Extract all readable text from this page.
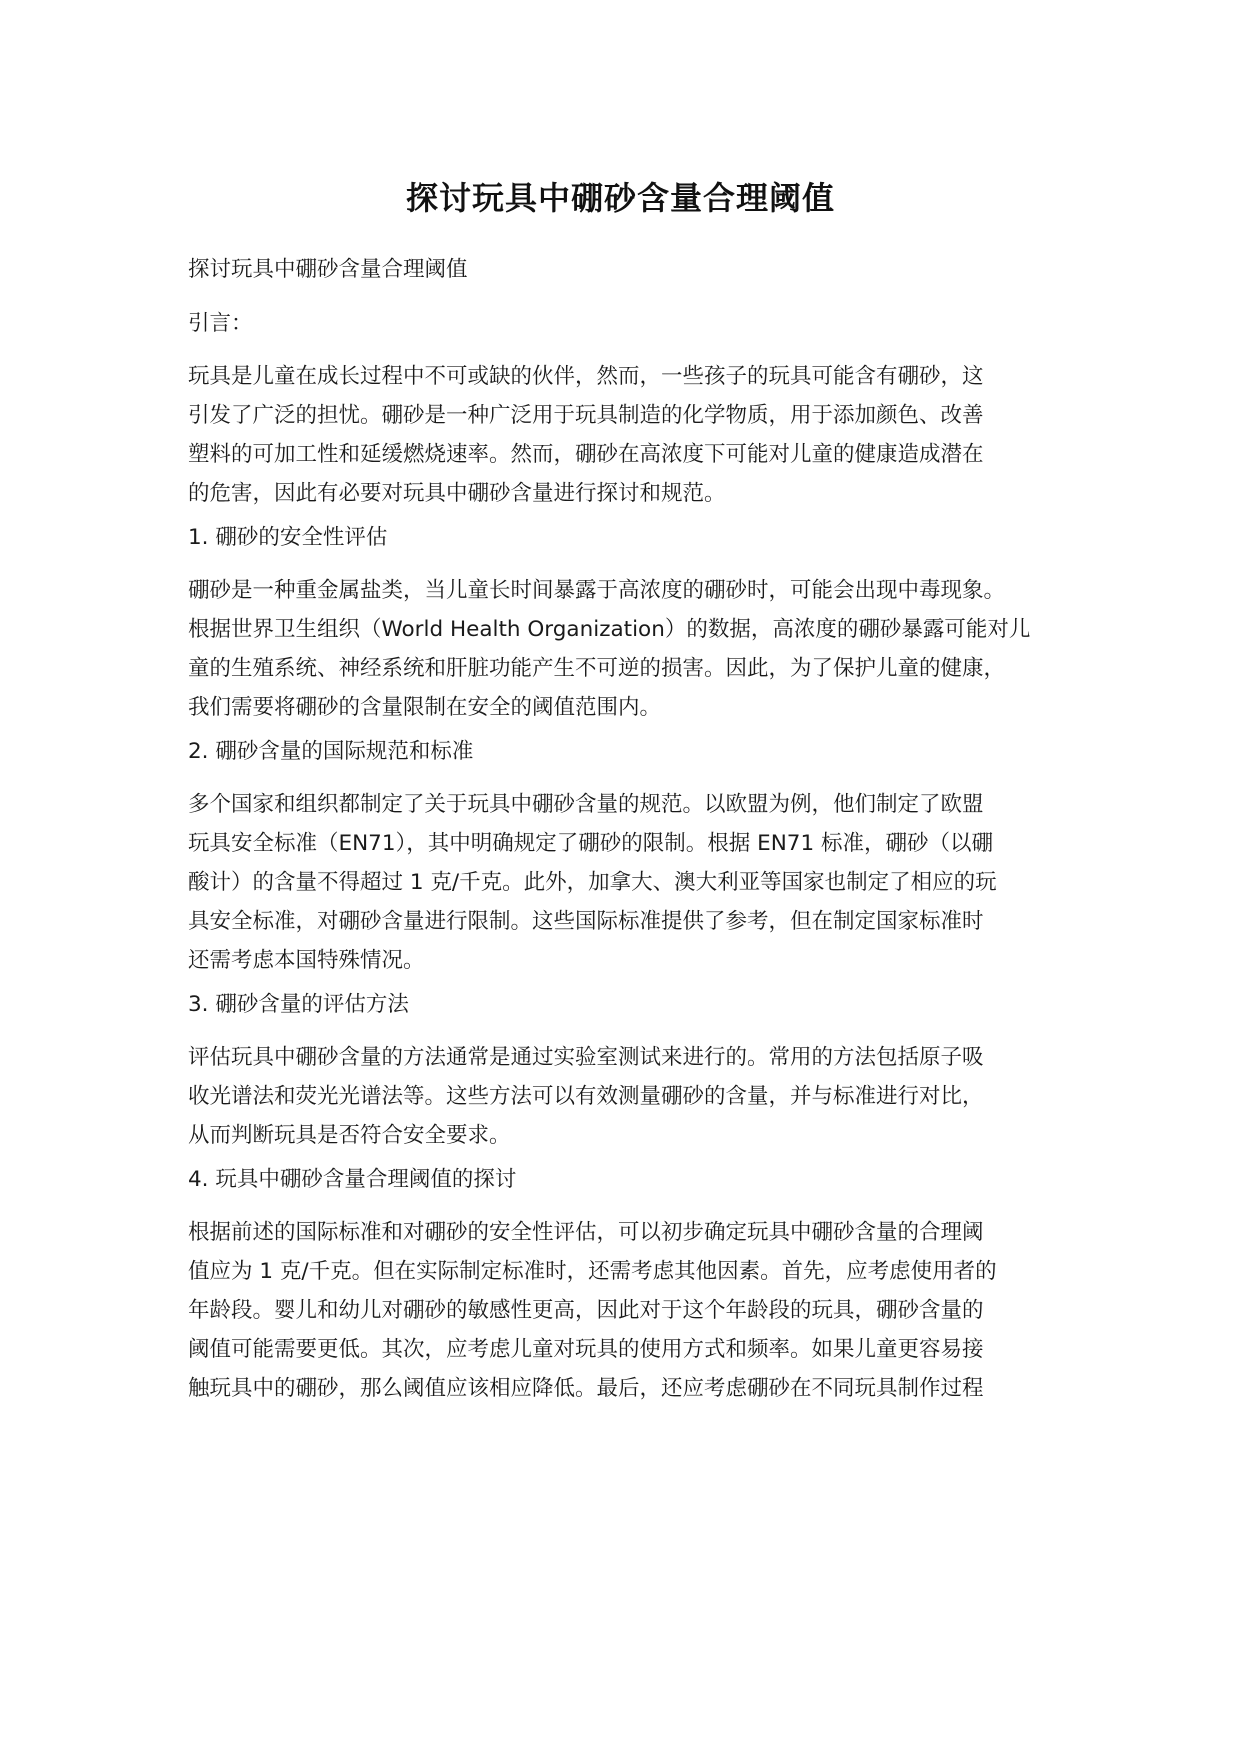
探讨玩具中硼砂含量合理阈值
探讨玩具中硼砂含量合理阈值
引言：
玩具是儿童在成长过程中不可或缺的伙伴，然而，一些孩子的玩具可能含有硼砂，这
引发了广泛的担忧。硼砂是一种广泛用于玩具制造的化学物质，用于添加颜色、改善
塑料的可加工性和延缓燃烧速率。然而，硼砂在高浓度下可能对儿童的健康造成潜在
的危害，因此有必要对玩具中硼砂含量进行探讨和规范。
1. 硼砂的安全性评估
硼砂是一种重金属盐类，当儿童长时间暴露于高浓度的硼砂时，可能会出现中毒现象。
根据世界卫生组织（World Health Organization）的数据，高浓度的硼砂暴露可能对儿
童的生殖系统、神经系统和肝脏功能产生不可逆的损害。因此，为了保护儿童的健康，
我们需要将硼砂的含量限制在安全的阈值范围内。
2. 硼砂含量的国际规范和标准
多个国家和组织都制定了关于玩具中硼砂含量的规范。以欧盟为例，他们制定了欧盟
玩具安全标准（EN71），其中明确规定了硼砂的限制。根据 EN71 标准，硼砂（以硼
酸计）的含量不得超过 1 克/千克。此外，加拿大、澳大利亚等国家也制定了相应的玩
具安全标准，对硼砂含量进行限制。这些国际标准提供了参考，但在制定国家标准时
还需考虑本国特殊情况。
3. 硼砂含量的评估方法
评估玩具中硼砂含量的方法通常是通过实验室测试来进行的。常用的方法包括原子吸
收光谱法和荧光光谱法等。这些方法可以有效测量硼砂的含量，并与标准进行对比，
从而判断玩具是否符合安全要求。
4. 玩具中硼砂含量合理阈值的探讨
根据前述的国际标准和对硼砂的安全性评估，可以初步确定玩具中硼砂含量的合理阈
值应为 1 克/千克。但在实际制定标准时，还需考虑其他因素。首先，应考虑使用者的
年龄段。婴儿和幼儿对硼砂的敏感性更高，因此对于这个年龄段的玩具，硼砂含量的
阈值可能需要更低。其次，应考虑儿童对玩具的使用方式和频率。如果儿童更容易接
触玩具中的硼砂，那么阈值应该相应降低。最后，还应考虑硼砂在不同玩具制作过程
